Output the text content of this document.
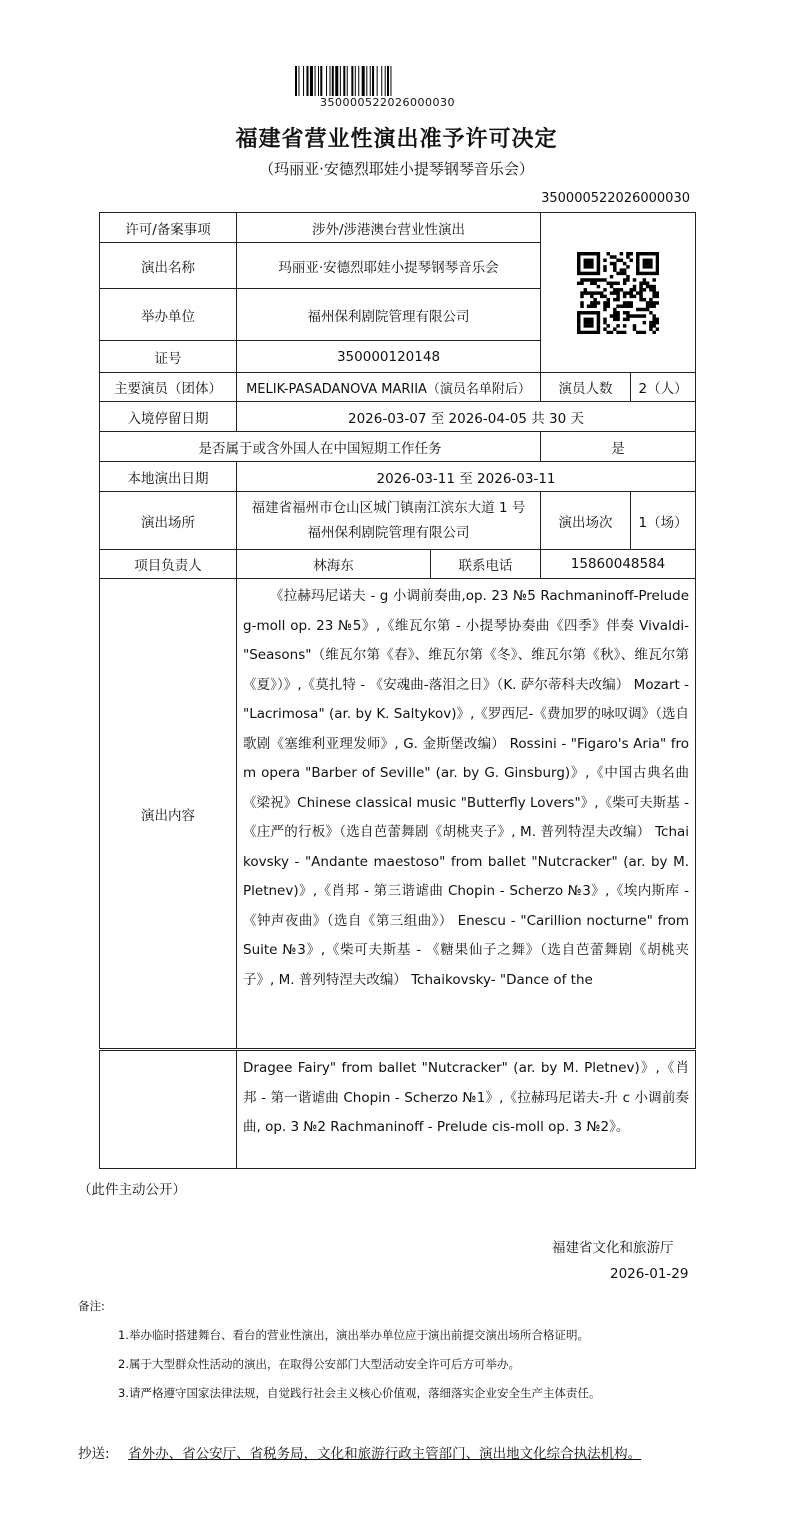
350000522026000030
福建省营业性演出准予许可决定
（玛丽亚·安德烈耶娃小提琴钢琴音乐会）
350000522026000030
许可/备案事项	涉外/涉港澳台营业性演出	

演出名称	玛丽亚·安德烈耶娃小提琴钢琴音乐会			
举办单位	福州保利剧院管理有限公司			
证号	350000120148			
主要演员（团体）	MELIK-PASADANOVA MARIIA（演员名单附后）		演员人数	2（人）
入境停留日期	2026-03-07 至 2026-04-05 共 30 天			
是否属于或含外国人在中国短期工作任务			是	
本地演出日期	2026-03-11 至 2026-03-11			
演出场所	福建省福州市仓山区城门镇南江滨东大道 1 号福州保利剧院管理有限公司		演出场次	1（场）
项目负责人	林海东	联系电话	15860048584	
演出内容	《拉赫玛尼诺夫 - g 小调前奏曲,op. 23 №5 Rachmaninoff-Preludeg-moll op. 23 №5》,《维瓦尔第 - 小提琴协奏曲《四季》伴奏 Vivaldi- "Seasons"（维瓦尔第《春》、维瓦尔第《冬》、维瓦尔第《秋》、维瓦尔第《夏》）》,《莫扎特 - 《安魂曲-落泪之日》（K. 萨尔蒂科夫改编） Mozart - "Lacrimosa" (ar. by K. Saltykov)》,《罗西尼-《费加罗的咏叹调》（选自歌剧《塞维利亚理发师》, G. 金斯堡改编） Rossini - "Figaro's Aria" from opera "Barber of Seville" (ar. by G. Ginsburg)》,《中国古典名曲《梁祝》Chinese classical music "Butterfly Lovers"》,《柴可夫斯基 - 《庄严的行板》（选自芭蕾舞剧《胡桃夹子》, M. 普列特涅夫改编） Tchaikovsky - "Andante maestoso" from ballet "Nutcracker" (ar. by M. Pletnev)》,《肖邦 - 第三谐谑曲 Chopin - Scherzo №3》,《埃内斯库 - 《钟声夜曲》（选自《第三组曲》） Enescu - "Carillion nocturne" from Suite №3》,《柴可夫斯基 - 《糖果仙子之舞》（选自芭蕾舞剧《胡桃夹子》, M. 普列特涅夫改编） Tchaikovsky- "Dance of the			

Dragee Fairy" from ballet "Nutcracker" (ar. by M. Pletnev)》,《肖邦 - 第一谐谑曲 Chopin - Scherzo №1》,《拉赫玛尼诺夫-升 c 小调前奏曲, op. 3 №2 Rachmaninoff - Prelude cis-moll op. 3 №2》。
（此件主动公开）
福建省文化和旅游厅
2026-01-29
备注:
1.举办临时搭建舞台、看台的营业性演出，演出举办单位应于演出前提交演出场所合格证明。
2.属于大型群众性活动的演出，在取得公安部门大型活动安全许可后方可举办。
3.请严格遵守国家法律法规，自觉践行社会主义核心价值观，落细落实企业安全生产主体责任。
抄送: 省外办、省公安厅、省税务局，文化和旅游行政主管部门、演出地文化综合执法机构。
